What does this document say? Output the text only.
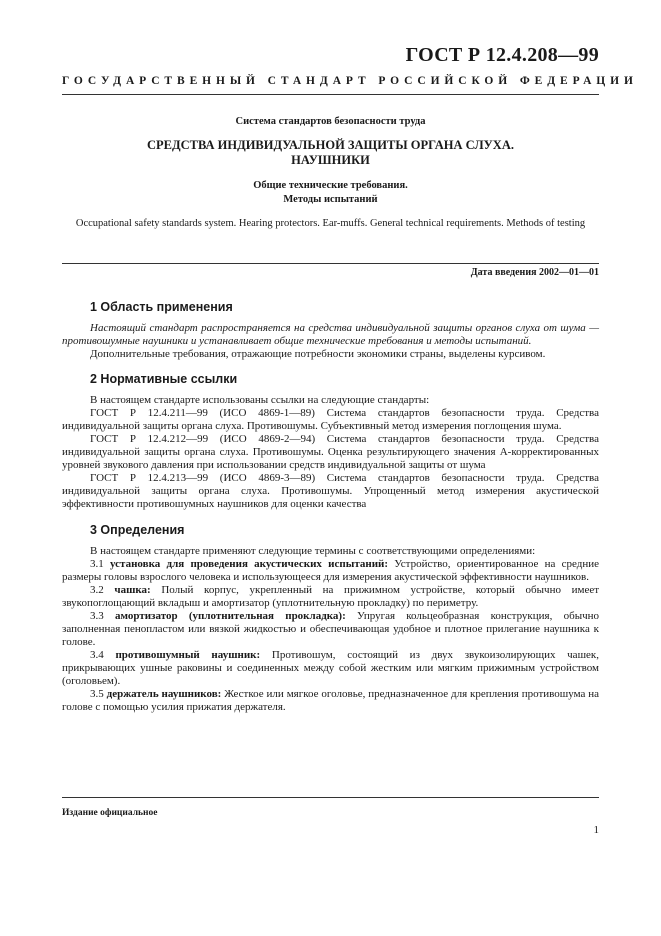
ГОСТ Р 12.4.208—99
ГОСУДАРСТВЕННЫЙ СТАНДАРТ РОССИЙСКОЙ ФЕДЕРАЦИИ
Система стандартов безопасности труда
СРЕДСТВА ИНДИВИДУАЛЬНОЙ ЗАЩИТЫ ОРГАНА СЛУХА.
НАУШНИКИ
Общие технические требования.
Методы испытаний
Occupational safety standards system. Hearing protectors. Ear-muffs. General technical requirements. Methods of testing
Дата введения 2002—01—01
1 Область применения

Настоящий стандарт распространяется на средства индивидуальной защиты органов слуха от шума — противошумные наушники и устанавливает общие технические требования и методы испытаний.

Дополнительные требования, отражающие потребности экономики страны, выделены курсивом.

2 Нормативные ссылки

В настоящем стандарте использованы ссылки на следующие стандарты:

ГОСТ Р 12.4.211—99 (ИСО 4869-1—89) Система стандартов безопасности труда. Средства индивидуальной защиты органа слуха. Противошумы. Субъективный метод измерения поглощения шума.

ГОСТ Р 12.4.212—99 (ИСО 4869-2—94) Система стандартов безопасности труда. Средства индивидуальной защиты органа слуха. Противошумы. Оценка результирующего значения А-корректированных уровней звукового давления при использовании средств индивидуальной защиты от шума

ГОСТ Р 12.4.213—99 (ИСО 4869-3—89) Система стандартов безопасности труда. Средства индивидуальной защиты органа слуха. Противошумы. Упрощенный метод измерения акустической эффективности противошумных наушников для оценки качества

3 Определения

В настоящем стандарте применяют следующие термины с соответствующими определениями:

3.1 установка для проведения акустических испытаний: Устройство, ориентированное на средние размеры головы взрослого человека и использующееся для измерения акустической эффективности наушников.

3.2 чашка: Полый корпус, укрепленный на прижимном устройстве, который обычно имеет звукопоглощающий вкладыш и амортизатор (уплотнительную прокладку) по периметру.

3.3 амортизатор (уплотнительная прокладка): Упругая кольцеобразная конструкция, обычно заполненная пенопластом или вязкой жидкостью и обеспечивающая удобное и плотное прилегание наушника к голове.

3.4 противошумный наушник: Противошум, состоящий из двух звукоизолирующих чашек, прикрывающих ушные раковины и соединенных между собой жестким или мягким прижимным устройством (оголовьем).

3.5 держатель наушников: Жесткое или мягкое оголовье, предназначенное для крепления противошума на голове с помощью усилия прижатия держателя.

Издание официальное
1
